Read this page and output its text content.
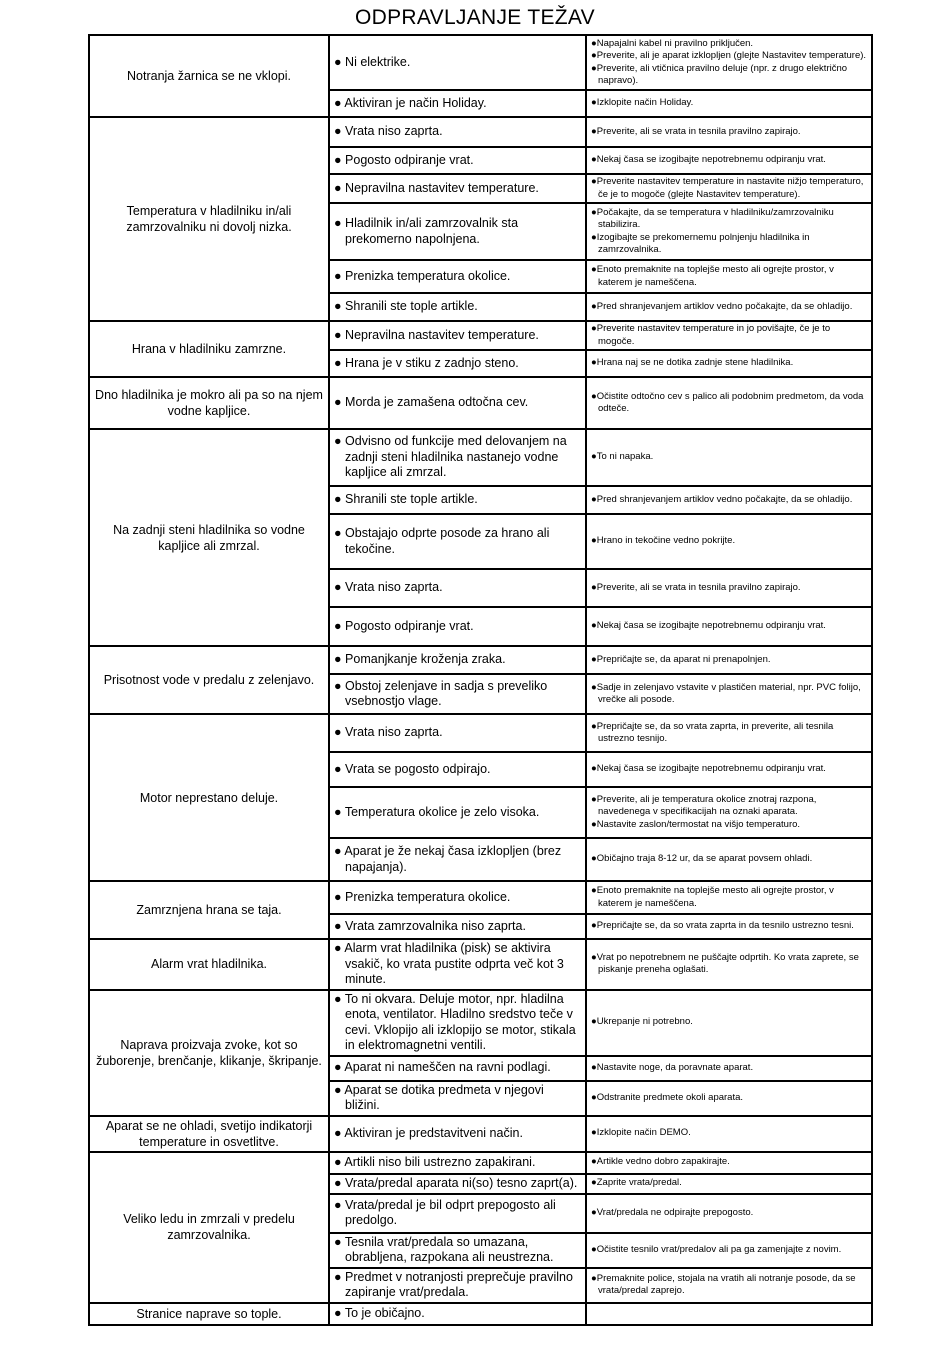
ODPRAVLJANJE TEŽAV
Notranja žarnica se ne vklopi.	● Ni elektrike.	●Napajalni kabel ni pravilno priključen.
●Preverite, ali je aparat izklopljen (glejte Nastavitev temperature).
●Preverite, ali vtičnica pravilno deluje (npr. z drugo električno napravo).

	● Aktiviran je način Holiday.	●Izklopite način Holiday.

Temperatura v hladilniku in/ali zamrzovalniku ni dovolj nizka.	● Vrata niso zaprta.	●Preverite, ali se vrata in tesnila pravilno zapirajo.

	● Pogosto odpiranje vrat.	●Nekaj časa se izogibajte nepotrebnemu odpiranju vrat.

	● Nepravilna nastavitev temperature.	●Preverite nastavitev temperature in nastavite nižjo temperaturo, če je to mogoče (glejte Nastavitev temperature).

	● Hladilnik in/ali zamrzovalnik sta prekomerno napolnjena.	●Počakajte, da se temperatura v hladilniku/zamrzovalniku stabilizira.
●Izogibajte se prekomernemu polnjenju hladilnika in zamrzovalnika.

	● Prenizka temperatura okolice.	●Enoto premaknite na toplejše mesto ali ogrejte prostor, v katerem je nameščena.

	● Shranili ste tople artikle.	●Pred shranjevanjem artiklov vedno počakajte, da se ohladijo.

Hrana v hladilniku zamrzne.	● Nepravilna nastavitev temperature.	●Preverite nastavitev temperature in jo povišajte, če je to mogoče.

	● Hrana je v stiku z zadnjo steno.	●Hrana naj se ne dotika zadnje stene hladilnika.

Dno hladilnika je mokro ali pa so na njem vodne kapljice.	● Morda je zamašena odtočna cev.	●Očistite odtočno cev s palico ali podobnim predmetom, da voda odteče.

Na zadnji steni hladilnika so vodne kapljice ali zmrzal.	● Odvisno od funkcije med delovanjem na zadnji steni hladilnika nastanejo vodne kapljice ali zmrzal.	●To ni napaka.

	● Shranili ste tople artikle.	●Pred shranjevanjem artiklov vedno počakajte, da se ohladijo.

	● Obstajajo odprte posode za hrano ali tekočine.	●Hrano in tekočine vedno pokrijte.

	● Vrata niso zaprta.	●Preverite, ali se vrata in tesnila pravilno zapirajo.

	● Pogosto odpiranje vrat.	●Nekaj časa se izogibajte nepotrebnemu odpiranju vrat.

Prisotnost vode v predalu z zelenjavo.	● Pomanjkanje kroženja zraka.	●Prepričajte se, da aparat ni prenapolnjen.

	● Obstoj zelenjave in sadja s preveliko vsebnostjo vlage.	●Sadje in zelenjavo vstavite v plastičen material, npr. PVC folijo, vrečke ali posode.

Motor neprestano deluje.	● Vrata niso zaprta.	●Prepričajte se, da so vrata zaprta, in preverite, ali tesnila ustrezno tesnijo.

	● Vrata se pogosto odpirajo.	●Nekaj časa se izogibajte nepotrebnemu odpiranju vrat.

	● Temperatura okolice je zelo visoka.	●Preverite, ali je temperatura okolice znotraj razpona, navedenega v specifikacijah na oznaki aparata.
●Nastavite zaslon/termostat na višjo temperaturo.

	● Aparat je že nekaj časa izklopljen (brez napajanja).	●Običajno traja 8-12 ur, da se aparat povsem ohladi.

Zamrznjena hrana se taja.	● Prenizka temperatura okolice.	●Enoto premaknite na toplejše mesto ali ogrejte prostor, v katerem je nameščena.

	● Vrata zamrzovalnika niso zaprta.	●Prepričajte se, da so vrata zaprta in da tesnilo ustrezno tesni.

Alarm vrat hladilnika.	● Alarm vrat hladilnika (pisk) se aktivira vsakič, ko vrata pustite odprta več kot 3 minute.	●Vrat po nepotrebnem ne puščajte odprtih. Ko vrata zaprete, se piskanje preneha oglašati.

Naprava proizvaja zvoke, kot so žuborenje, brenčanje, klikanje, škripanje.	● To ni okvara. Deluje motor, npr. hladilna enota, ventilator. Hladilno sredstvo teče v cevi. Vklopijo ali izklopijo se motor, stikala in elektromagnetni ventili.	●Ukrepanje ni potrebno.

	● Aparat ni nameščen na ravni podlagi.	●Nastavite noge, da poravnate aparat.

	● Aparat se dotika predmeta v njegovi bližini.	●Odstranite predmete okoli aparata.

Aparat se ne ohladi, svetijo indikatorji temperature in osvetlitve.	● Aktiviran je predstavitveni način.	●Izklopite način DEMO.

Veliko ledu in zmrzali v predelu zamrzovalnika.	● Artikli niso bili ustrezno zapakirani.	●Artikle vedno dobro zapakirajte.

	● Vrata/predal aparata ni(so) tesno zaprt(a).	●Zaprite vrata/predal.

	● Vrata/predal je bil odprt prepogosto ali predolgo.	●Vrat/predala ne odpirajte prepogosto.

	● Tesnila vrat/predala so umazana, obrabljena, razpokana ali neustrezna.	●Očistite tesnilo vrat/predalov ali pa ga zamenjajte z novim.

	● Predmet v notranjosti preprečuje pravilno zapiranje vrat/predala.	●Premaknite police, stojala na vratih ali notranje posode, da se vrata/predal zaprejo.

Stranice naprave so tople.	● To je običajno.	
